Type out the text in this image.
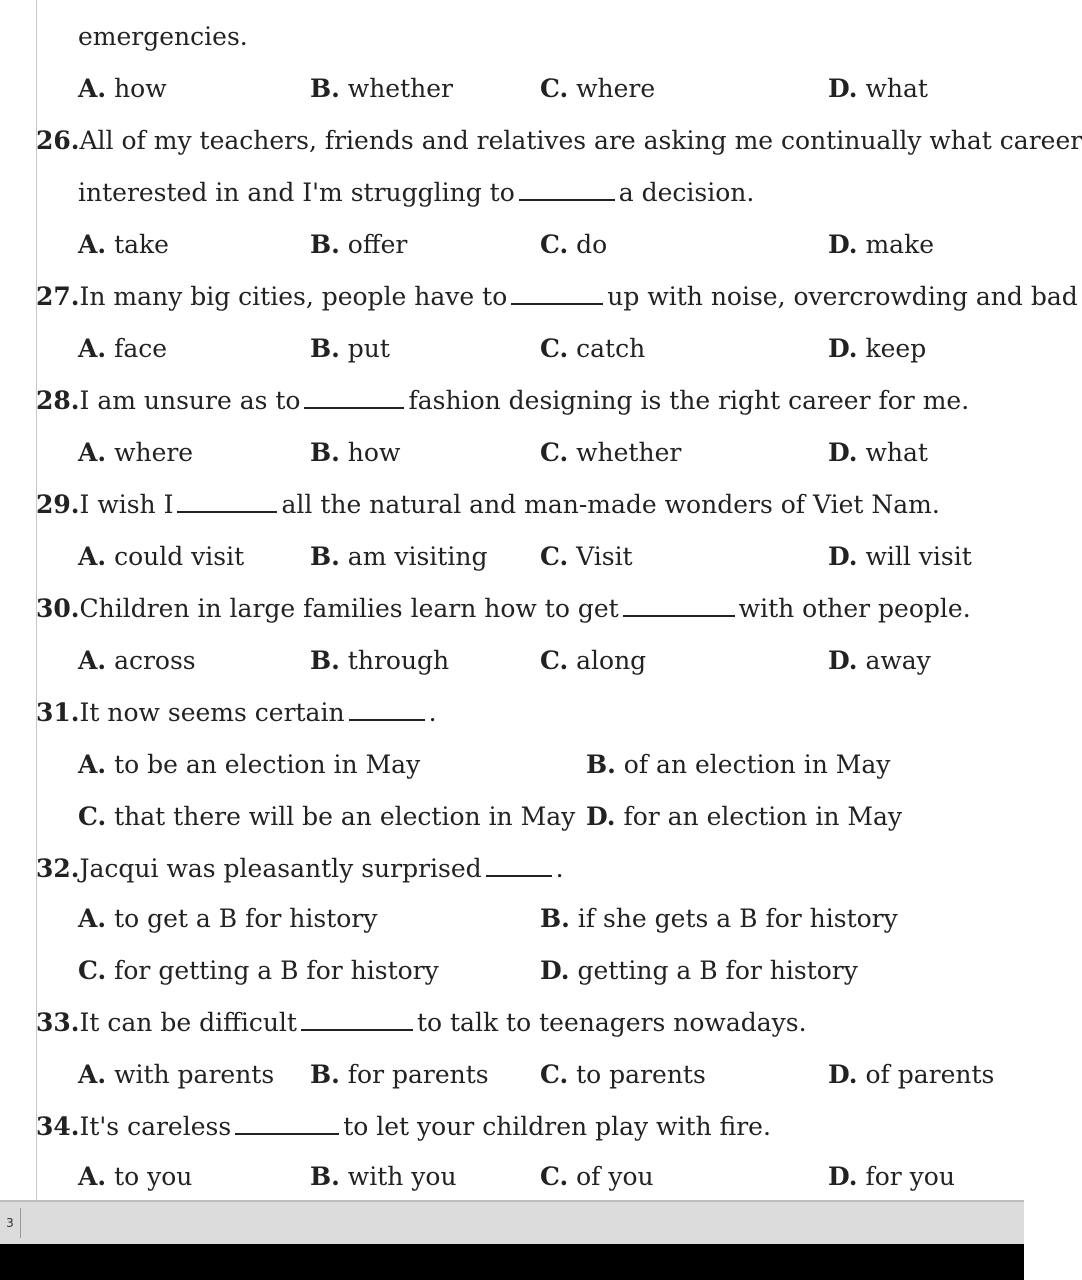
emergencies.
A. how	B. whether	C. where	D. what
26.All of my teachers, friends and relatives are asking me continually what career
interested in and I'm struggling to	a decision.
A. take	B. offer	C. do	D. make
27.In many big cities, people have to	up with noise, overcrowding and bad
A. face	B. put	C. catch	D. keep
28.I am unsure as to	fashion designing is the right career for me.
A. where	B. how	C. whether	D. what
29.I wish I	all the natural and man-made wonders of Viet Nam.
A. could visit	B. am visiting C. Visit	D. will visit
30.Children in large families learn how to get	with other people.
A. across	B. through	C. along	D. away
31.It now seems certain	.
A. to be an election in May	B. of an election in May
C. that there will be an election in May D. for an election in May
32.Jacqui was pleasantly surprised	.
A. to get a B for history	B. if she gets a B for history
C. for getting a B for history	D. getting a B for history
33.It can be difficult	to talk to teenagers nowadays.
A. with parents B. for parents C. to parents	D. of parents
34.It's careless	to let your children play with fire.
A. to you	B. with you	C. of you	D. for you
3
